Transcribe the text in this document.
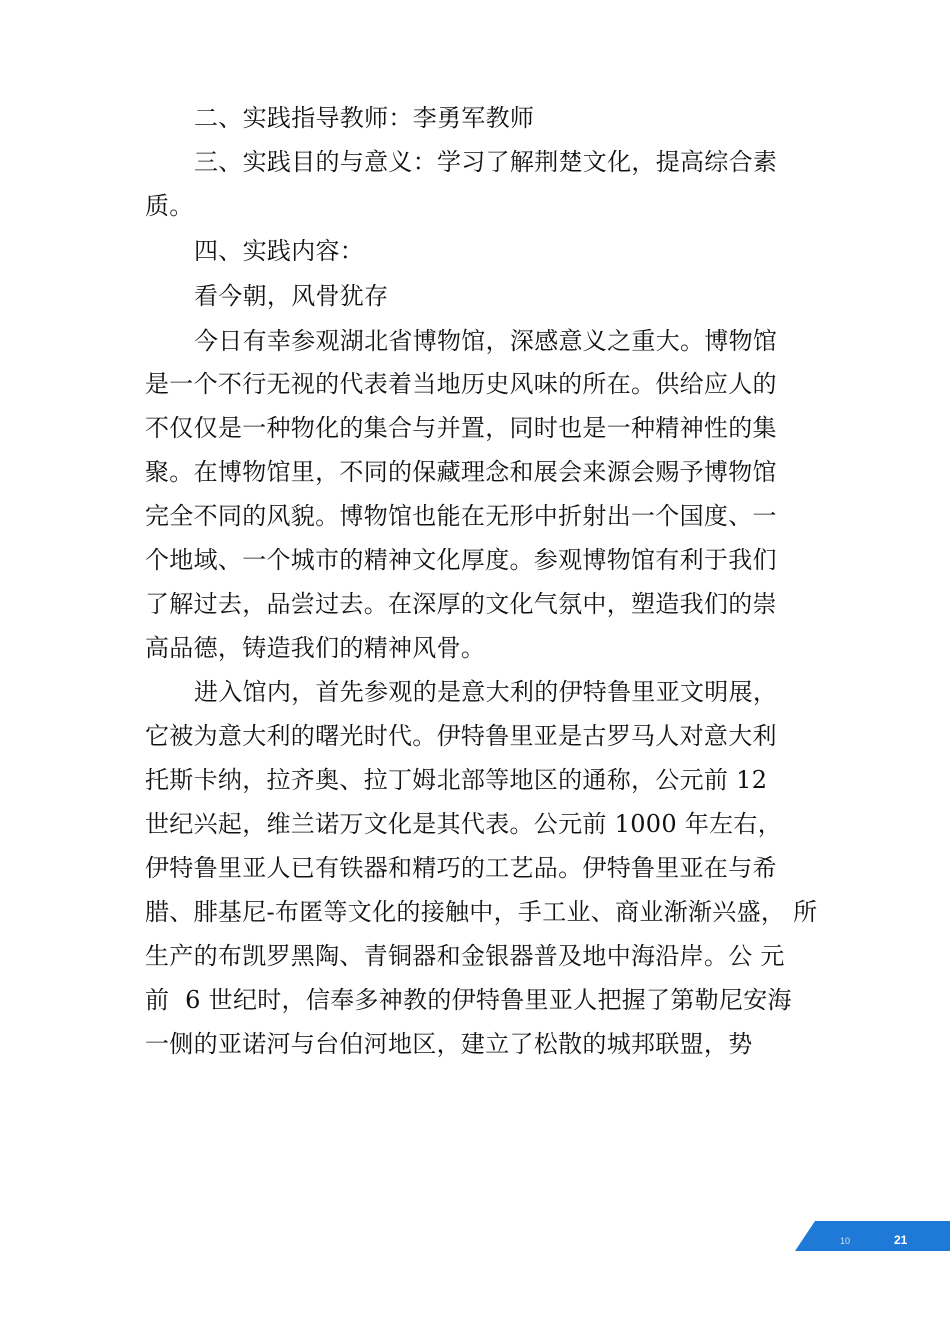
二、实践指导教师：李勇军教师
三、实践目的与意义：学习了解荆楚文化，提高综合素
质。
四、实践内容：
看今朝，风骨犹存
今日有幸参观湖北省博物馆，深感意义之重大。博物馆
是一个不行无视的代表着当地历史风味的所在。供给应人的
不仅仅是一种物化的集合与并置，同时也是一种精神性的集
聚。在博物馆里，不同的保藏理念和展会来源会赐予博物馆
完全不同的风貌。博物馆也能在无形中折射出一个国度、一
个地域、一个城市的精神文化厚度。参观博物馆有利于我们
了解过去，品尝过去。在深厚的文化气氛中，塑造我们的崇
高品德，铸造我们的精神风骨。
进入馆内，首先参观的是意大利的伊特鲁里亚文明展，
它被为意大利的曙光时代。伊特鲁里亚是古罗马人对意大利
托斯卡纳，拉齐奥、拉丁姆北部等地区的通称，公元前 12
世纪兴起，维兰诺万文化是其代表。公元前 1000 年左右，
伊特鲁里亚人已有铁器和精巧的工艺品。伊特鲁里亚在与希
腊、腓基尼-布匿等文化的接触中，手工业、商业渐渐兴盛， 所
生产的布凯罗黑陶、青铜器和金银器普及地中海沿岸。公 元
前  6 世纪时，信奉多神教的伊特鲁里亚人把握了第勒尼安海
一侧的亚诺河与台伯河地区，建立了松散的城邦联盟，势
10	21
